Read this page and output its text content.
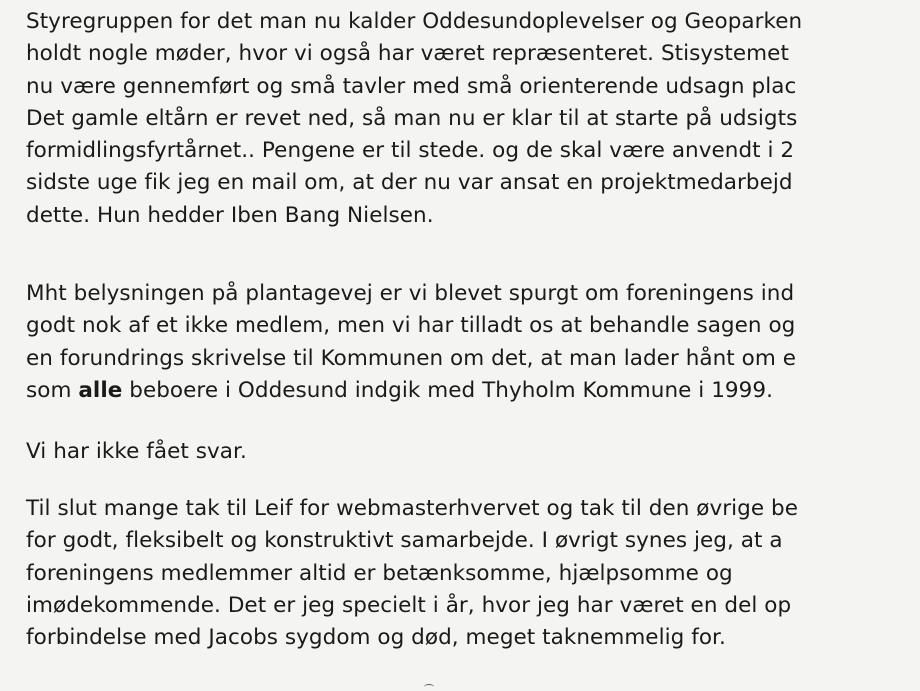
Styregruppen for det man nu kalder Oddesundoplevelser og Geoparken
holdt nogle møder, hvor vi også har været repræsenteret. Stisystemet
nu være gennemført og små tavler med små orienterende udsagn plac
Det gamle eltårn er revet ned, så man nu er klar til at starte på udsigts
formidlingsfyrtårnet.. Pengene er til stede. og de skal være anvendt i 2
sidste uge fik jeg en mail om, at der nu var ansat en projektmedarbejd
dette. Hun hedder Iben Bang Nielsen.

Mht belysningen på plantagevej er vi blevet spurgt om foreningens ind
godt nok af et ikke medlem, men vi har tilladt os at behandle sagen og
en forundrings skrivelse til Kommunen om det, at man lader hånt om e
som alle beboere i Oddesund indgik med Thyholm Kommune i 1999.

Vi har ikke fået svar.

Til slut mange tak til Leif for webmasterhvervet og tak til den øvrige be
for godt, fleksibelt og konstruktivt samarbejde. I øvrigt synes jeg, at a
foreningens medlemmer altid er betænksomme, hjælpsomme og
imødekommende. Det er jeg specielt i år, hvor jeg har været en del op
forbindelse med Jacobs sygdom og død, meget taknemmelig for.
